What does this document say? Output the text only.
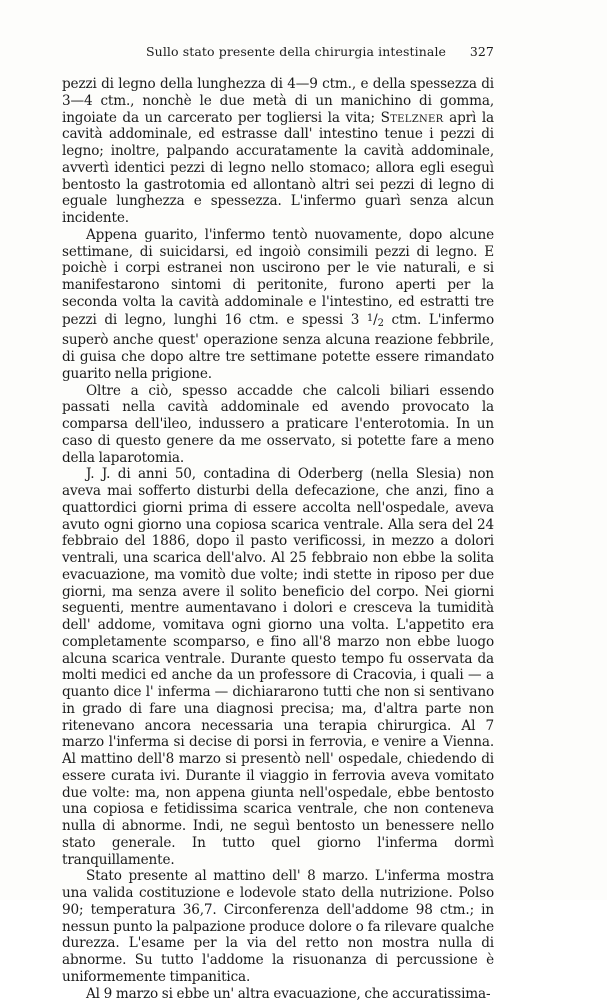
Sullo stato presente della chirurgia intestinale 327

pezzi di legno della lunghezza di 4—9 ctm., e della spessezza di 3—4 ctm., nonchè le due metà di un manichino di gomma, ingoiate da un carcerato per togliersi la vita; Stelzner aprì la cavità addominale, ed estrasse dall' intestino tenue i pezzi di legno; inoltre, palpando accuratamente la cavità addominale, avvertì identici pezzi di legno nello stomaco; allora egli eseguì bentosto la gastrotomia ed allontanò altri sei pezzi di legno di eguale lunghezza e spessezza. L'infermo guarì senza alcun incidente.

Appena guarito, l'infermo tentò nuovamente, dopo alcune settimane, di suicidarsi, ed ingoiò consimili pezzi di legno. E poichè i corpi estranei non uscirono per le vie naturali, e si manifestarono sintomi di peritonite, furono aperti per la seconda volta la cavità addominale e l'intestino, ed estratti tre pezzi di legno, lunghi 16 ctm. e spessi 3 $^1$/2 ctm. L'infermo superò anche quest' operazione senza alcuna reazione febbrile, di guisa che dopo altre tre settimane potette essere rimandato guarito nella prigione.

Oltre a ciò, spesso accadde che calcoli biliari essendo passati nella cavità addominale ed avendo provocato la comparsa dell'ileo, indussero a praticare l'enterotomia. In un caso di questo genere da me osservato, si potette fare a meno della laparotomia.

J. J. di anni 50, contadina di Oderberg (nella Slesia) non aveva mai sofferto disturbi della defecazione, che anzi, fino a quattordici giorni prima di essere accolta nell'ospedale, aveva avuto ogni giorno una copiosa scarica ventrale. Alla sera del 24 febbraio del 1886, dopo il pasto verificossi, in mezzo a dolori ventrali, una scarica dell'alvo. Al 25 febbraio non ebbe la solita evacuazione, ma vomitò due volte; indi stette in riposo per due giorni, ma senza avere il solito beneficio del corpo. Nei giorni seguenti, mentre aumentavano i dolori e cresceva la tumidità dell' addome, vomitava ogni giorno una volta. L'appetito era completamente scomparso, e fino all'8 marzo non ebbe luogo alcuna scarica ventrale. Durante questo tempo fu osservata da molti medici ed anche da un professore di Cracovia, i quali — a quanto dice l' inferma — dichiararono tutti che non si sentivano in grado di fare una diagnosi precisa; ma, d'altra parte non ritenevano ancora necessaria una terapia chirurgica. Al 7 marzo l'inferma si decise di porsi in ferrovia, e venire a Vienna. Al mattino dell'8 marzo si presentò nell' ospedale, chiedendo di essere curata ivi. Durante il viaggio in ferrovia aveva vomitato due volte: ma, non appena giunta nell'ospedale, ebbe bentosto una copiosa e fetidissima scarica ventrale, che non conteneva nulla di abnorme. Indi, ne seguì bentosto un benessere nello stato generale. In tutto quel giorno l'inferma dormì tranquillamente.

Stato presente al mattino dell' 8 marzo. L'inferma mostra una valida costituzione e lodevole stato della nutrizione. Polso 90; temperatura 36,7. Circonferenza dell'addome 98 ctm.; in nessun punto la palpazione produce dolore o fa rilevare qualche durezza. L'esame per la via del retto non mostra nulla di abnorme. Su tutto l'addome la risuonanza di percussione è uniformemente timpanitica.

Al 9 marzo si ebbe un' altra evacuazione, che accuratissima-
